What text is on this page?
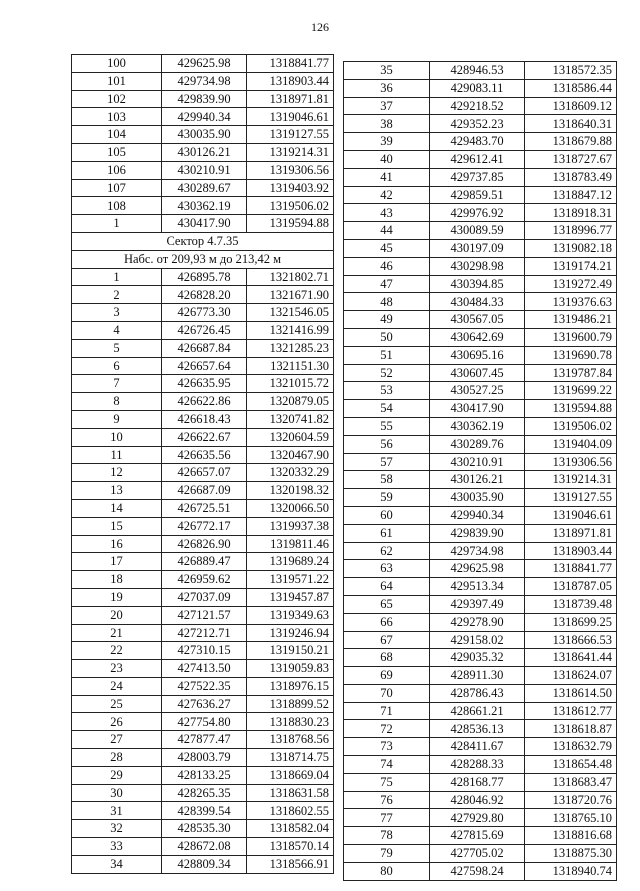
126
100	429625.98	1318841.77
101	429734.98	1318903.44
102	429839.90	1318971.81
103	429940.34	1319046.61
104	430035.90	1319127.55
105	430126.21	1319214.31
106	430210.91	1319306.56
107	430289.67	1319403.92
108	430362.19	1319506.02
1	430417.90	1319594.88
Сектор 4.7.35		
Набс. от 209,93 м до 213,42 м		
1	426895.78	1321802.71
2	426828.20	1321671.90
3	426773.30	1321546.05
4	426726.45	1321416.99
5	426687.84	1321285.23
6	426657.64	1321151.30
7	426635.95	1321015.72
8	426622.86	1320879.05
9	426618.43	1320741.82
10	426622.67	1320604.59
11	426635.56	1320467.90
12	426657.07	1320332.29
13	426687.09	1320198.32
14	426725.51	1320066.50
15	426772.17	1319937.38
16	426826.90	1319811.46
17	426889.47	1319689.24
18	426959.62	1319571.22
19	427037.09	1319457.87
20	427121.57	1319349.63
21	427212.71	1319246.94
22	427310.15	1319150.21
23	427413.50	1319059.83
24	427522.35	1318976.15
25	427636.27	1318899.52
26	427754.80	1318830.23
27	427877.47	1318768.56
28	428003.79	1318714.75
29	428133.25	1318669.04
30	428265.35	1318631.58
31	428399.54	1318602.55
32	428535.30	1318582.04
33	428672.08	1318570.14
34	428809.34	1318566.91
35	428946.53	1318572.35
36	429083.11	1318586.44
37	429218.52	1318609.12
38	429352.23	1318640.31
39	429483.70	1318679.88
40	429612.41	1318727.67
41	429737.85	1318783.49
42	429859.51	1318847.12
43	429976.92	1318918.31
44	430089.59	1318996.77
45	430197.09	1319082.18
46	430298.98	1319174.21
47	430394.85	1319272.49
48	430484.33	1319376.63
49	430567.05	1319486.21
50	430642.69	1319600.79
51	430695.16	1319690.78
52	430607.45	1319787.84
53	430527.25	1319699.22
54	430417.90	1319594.88
55	430362.19	1319506.02
56	430289.76	1319404.09
57	430210.91	1319306.56
58	430126.21	1319214.31
59	430035.90	1319127.55
60	429940.34	1319046.61
61	429839.90	1318971.81
62	429734.98	1318903.44
63	429625.98	1318841.77
64	429513.34	1318787.05
65	429397.49	1318739.48
66	429278.90	1318699.25
67	429158.02	1318666.53
68	429035.32	1318641.44
69	428911.30	1318624.07
70	428786.43	1318614.50
71	428661.21	1318612.77
72	428536.13	1318618.87
73	428411.67	1318632.79
74	428288.33	1318654.48
75	428168.77	1318683.47
76	428046.92	1318720.76
77	427929.80	1318765.10
78	427815.69	1318816.68
79	427705.02	1318875.30
80	427598.24	1318940.74
